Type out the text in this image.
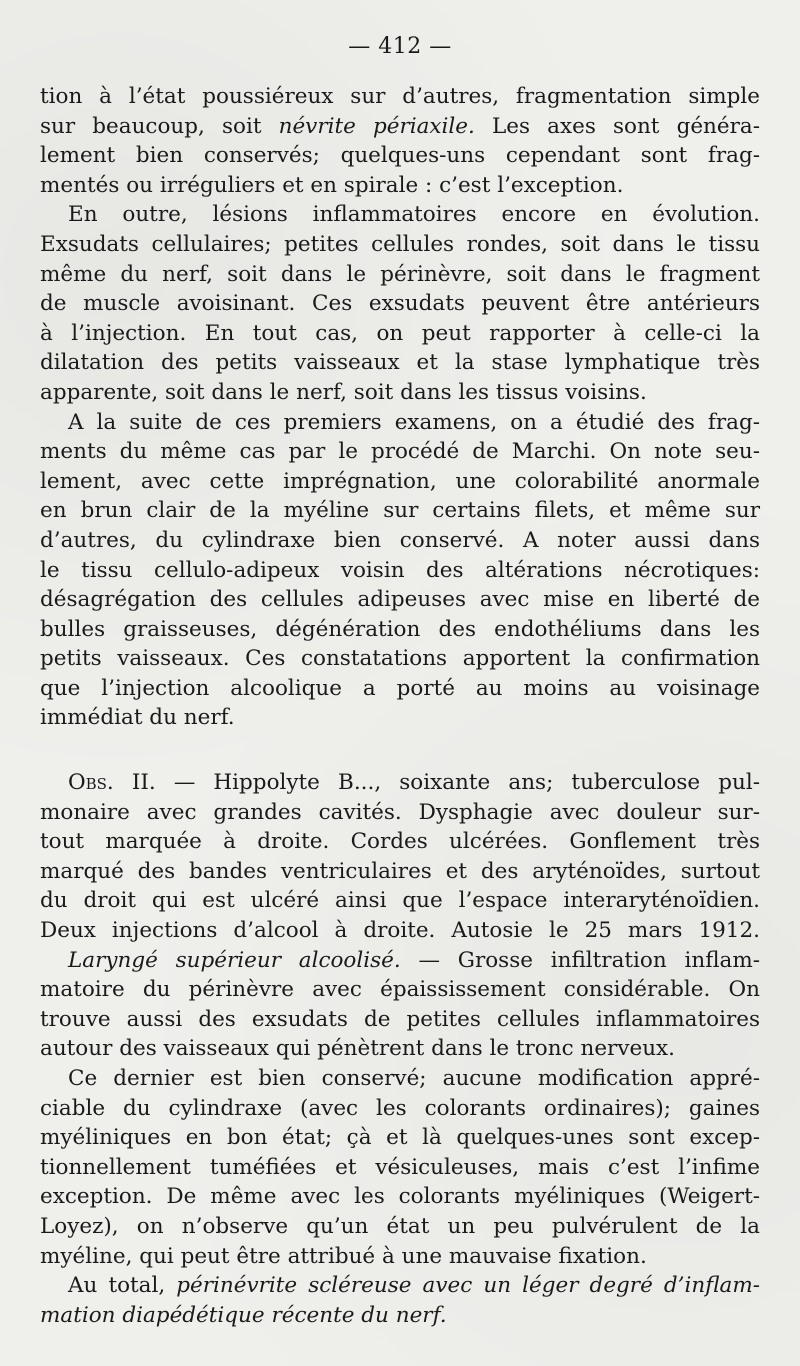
— 412 —
tion à l’état poussiéreux sur d’autres, fragmentation simple
sur beaucoup, soit névrite périaxile. Les axes sont généra-
lement bien conservés; quelques-uns cependant sont frag-
mentés ou irréguliers et en spirale : c’est l’exception.
En outre, lésions inflammatoires encore en évolution.
Exsudats cellulaires; petites cellules rondes, soit dans le tissu
même du nerf, soit dans le périnèvre, soit dans le fragment
de muscle avoisinant. Ces exsudats peuvent être antérieurs
à l’injection. En tout cas, on peut rapporter à celle-ci la
dilatation des petits vaisseaux et la stase lymphatique très
apparente, soit dans le nerf, soit dans les tissus voisins.
A la suite de ces premiers examens, on a étudié des frag-
ments du même cas par le procédé de Marchi. On note seu-
lement, avec cette imprégnation, une colorabilité anormale
en brun clair de la myéline sur certains filets, et même sur
d’autres, du cylindraxe bien conservé. A noter aussi dans
le tissu cellulo-adipeux voisin des altérations nécrotiques:
désagrégation des cellules adipeuses avec mise en liberté de
bulles graisseuses, dégénération des endothéliums dans les
petits vaisseaux. Ces constatations apportent la confirmation
que l’injection alcoolique a porté au moins au voisinage
immédiat du nerf.
Obs. II. — Hippolyte B..., soixante ans; tuberculose pul-
monaire avec grandes cavités. Dysphagie avec douleur sur-
tout marquée à droite. Cordes ulcérées. Gonflement très
marqué des bandes ventriculaires et des aryténoïdes, surtout
du droit qui est ulcéré ainsi que l’espace interaryténoïdien.
Deux injections d’alcool à droite. Autosie le 25 mars 1912.
Laryngé supérieur alcoolisé. — Grosse infiltration inflam-
matoire du périnèvre avec épaississement considérable. On
trouve aussi des exsudats de petites cellules inflammatoires
autour des vaisseaux qui pénètrent dans le tronc nerveux.
Ce dernier est bien conservé; aucune modification appré-
ciable du cylindraxe (avec les colorants ordinaires); gaines
myéliniques en bon état; çà et là quelques-unes sont excep-
tionnellement tuméfiées et vésiculeuses, mais c’est l’infime
exception. De même avec les colorants myéliniques (Weigert-
Loyez), on n’observe qu’un état un peu pulvérulent de la
myéline, qui peut être attribué à une mauvaise fixation.
Au total, périnévrite scléreuse avec un léger degré d’inflam-
mation diapédétique récente du nerf.
